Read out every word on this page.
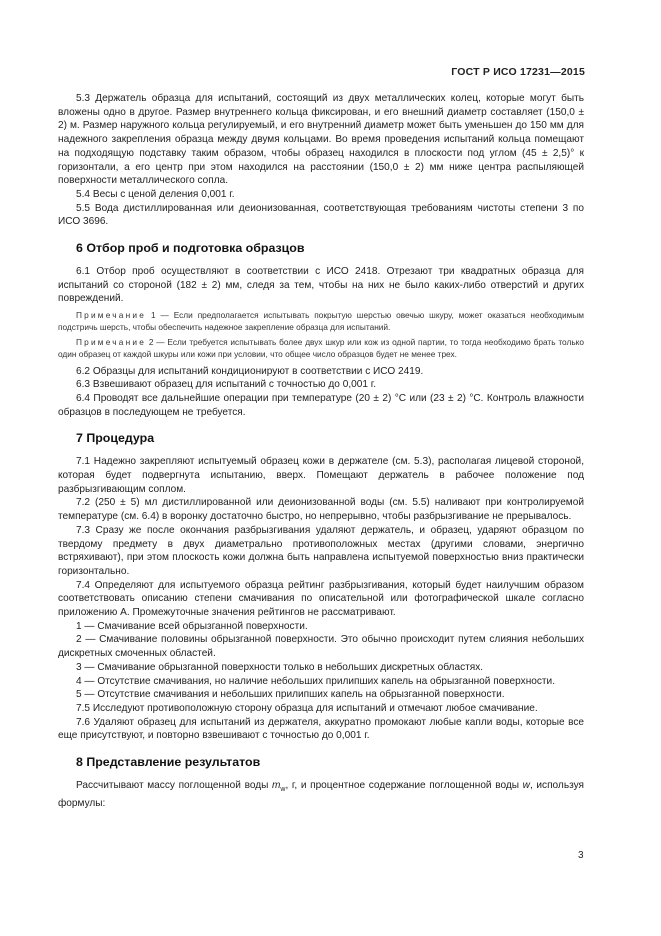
ГОСТ Р ИСО 17231—2015

5.3 Держатель образца для испытаний, состоящий из двух металлических колец, которые могут быть вложены одно в другое. Размер внутреннего кольца фиксирован, и его внешний диаметр составляет (150,0 ± 2) м. Размер наружного кольца регулируемый, и его внутренний диаметр может быть уменьшен до 150 мм для надежного закрепления образца между двумя кольцами. Во время проведения испытаний кольца помещают на подходящую подставку таким образом, чтобы образец находился в плоскости под углом (45 ± 2,5)° к горизонтали, а его центр при этом находился на расстоянии (150,0 ± 2) мм ниже центра распыляющей поверхности металлического сопла.

5.4 Весы с ценой деления 0,001 г.

5.5 Вода дистиллированная или деионизованная, соответствующая требованиям чистоты степени 3 по ИСО 3696.

6 Отбор проб и подготовка образцов

6.1 Отбор проб осуществляют в соответствии с ИСО 2418. Отрезают три квадратных образца для испытаний со стороной (182 ± 2) мм, следя за тем, чтобы на них не было каких-либо отверстий и других повреждений.

Примечание 1 — Если предполагается испытывать покрытую шерстью овечью шкуру, может оказаться необходимым подстричь шерсть, чтобы обеспечить надежное закрепление образца для испытаний.

Примечание 2 — Если требуется испытывать более двух шкур или кож из одной партии, то тогда необходимо брать только один образец от каждой шкуры или кожи при условии, что общее число образцов будет не менее трех.

6.2 Образцы для испытаний кондиционируют в соответствии с ИСО 2419.

6.3 Взвешивают образец для испытаний с точностью до 0,001 г.

6.4 Проводят все дальнейшие операции при температуре (20 ± 2) °С или (23 ± 2) °С. Контроль влажности образцов в последующем не требуется.

7 Процедура

7.1 Надежно закрепляют испытуемый образец кожи в держателе (см. 5.3), располагая лицевой стороной, которая будет подвергнута испытанию, вверх. Помещают держатель в рабочее положение под разбрызгивающим соплом.

7.2 (250 ± 5) мл дистиллированной или деионизованной воды (см. 5.5) наливают при контролируемой температуре (см. 6.4) в воронку достаточно быстро, но непрерывно, чтобы разбрызгивание не прерывалось.

7.3 Сразу же после окончания разбрызгивания удаляют держатель, и образец, ударяют образцом по твердому предмету в двух диаметрально противоположных местах (другими словами, энергично встряхивают), при этом плоскость кожи должна быть направлена испытуемой поверхностью вниз практически горизонтально.

7.4 Определяют для испытуемого образца рейтинг разбрызгивания, который будет наилучшим образом соответствовать описанию степени смачивания по описательной или фотографической шкале согласно приложению А. Промежуточные значения рейтингов не рассматривают.

1 — Смачивание всей обрызганной поверхности.

2 — Смачивание половины обрызганной поверхности. Это обычно происходит путем слияния небольших дискретных смоченных областей.

3 — Смачивание обрызганной поверхности только в небольших дискретных областях.

4 — Отсутствие смачивания, но наличие небольших прилипших капель на обрызганной поверхности.

5 — Отсутствие смачивания и небольших прилипших капель на обрызганной поверхности.

7.5 Исследуют противоположную сторону образца для испытаний и отмечают любое смачивание.

7.6 Удаляют образец для испытаний из держателя, аккуратно промокают любые капли воды, которые все еще присутствуют, и повторно взвешивают с точностью до 0,001 г.

8 Представление результатов

Рассчитывают массу поглощенной воды $m_w$, г, и процентное содержание поглощенной воды w, используя формулы:

3
